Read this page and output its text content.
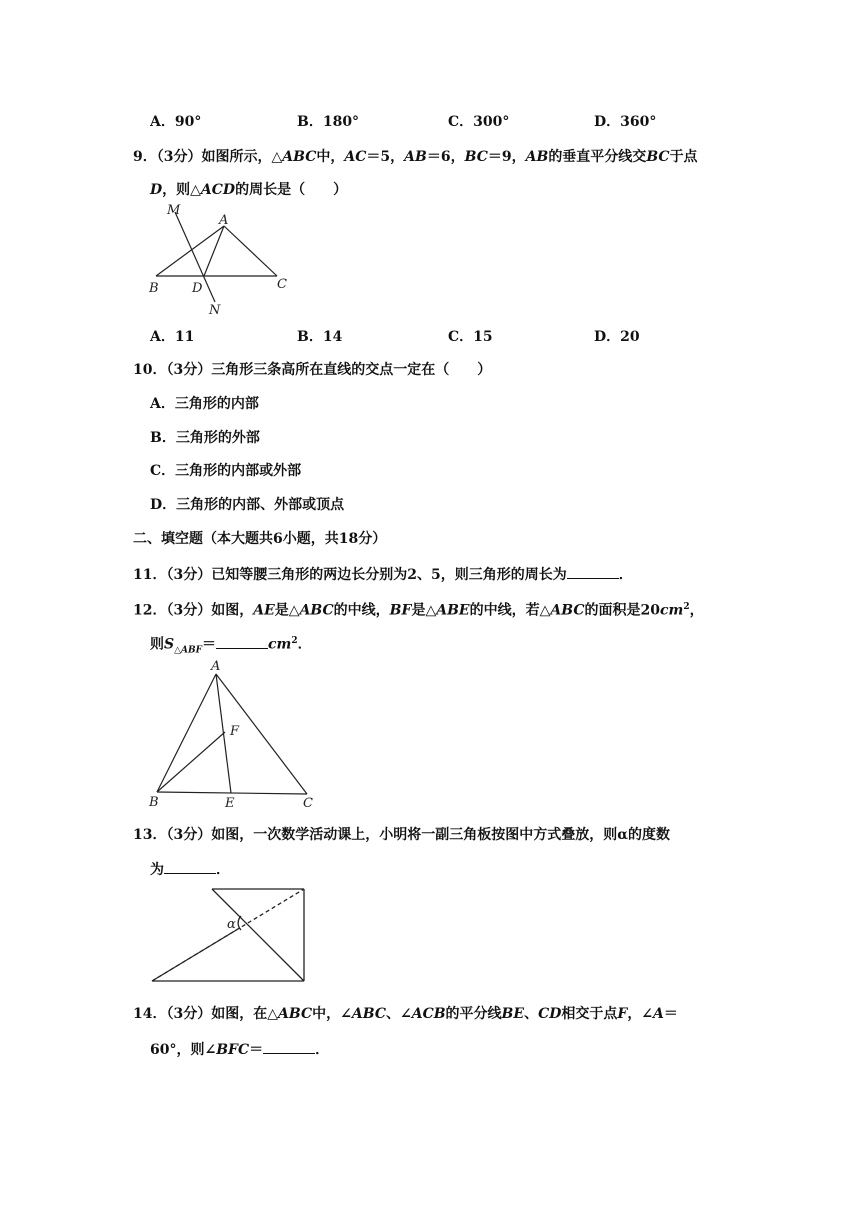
A．90°	B．180°	C．300°	D．360°
9．（3分）如图所示，△ABC中，AC＝5，AB＝6，BC＝9，AB的垂直平分线交BC于点
D，则△ACD的周长是（　　）
M
A
B	D	C
N
A．11	B．14	C．15	D．20
10．（3分）三角形三条高所在直线的交点一定在（　　）
A．三角形的内部
B．三角形的外部
C．三角形的内部或外部
D．三角形的内部、外部或顶点
二、填空题（本大题共6小题，共18分）
11．（3分）已知等腰三角形的两边长分别为2、5，则三角形的周长为	．
12．（3分）如图，AE是△ABC的中线，BF是△ABE的中线，若△ABC的面积是$20cm^2$，
则$S_{\triangle ABF}=$	$cm^2$．
A
F
B	E	C
13．（3分）如图，一次数学活动课上，小明将一副三角板按图中方式叠放，则α的度数
为	．
α
14．（3分）如图，在△ABC中，∠ABC、∠ACB的平分线BE、CD相交于点F，∠A＝
60°，则∠BFC＝	．
